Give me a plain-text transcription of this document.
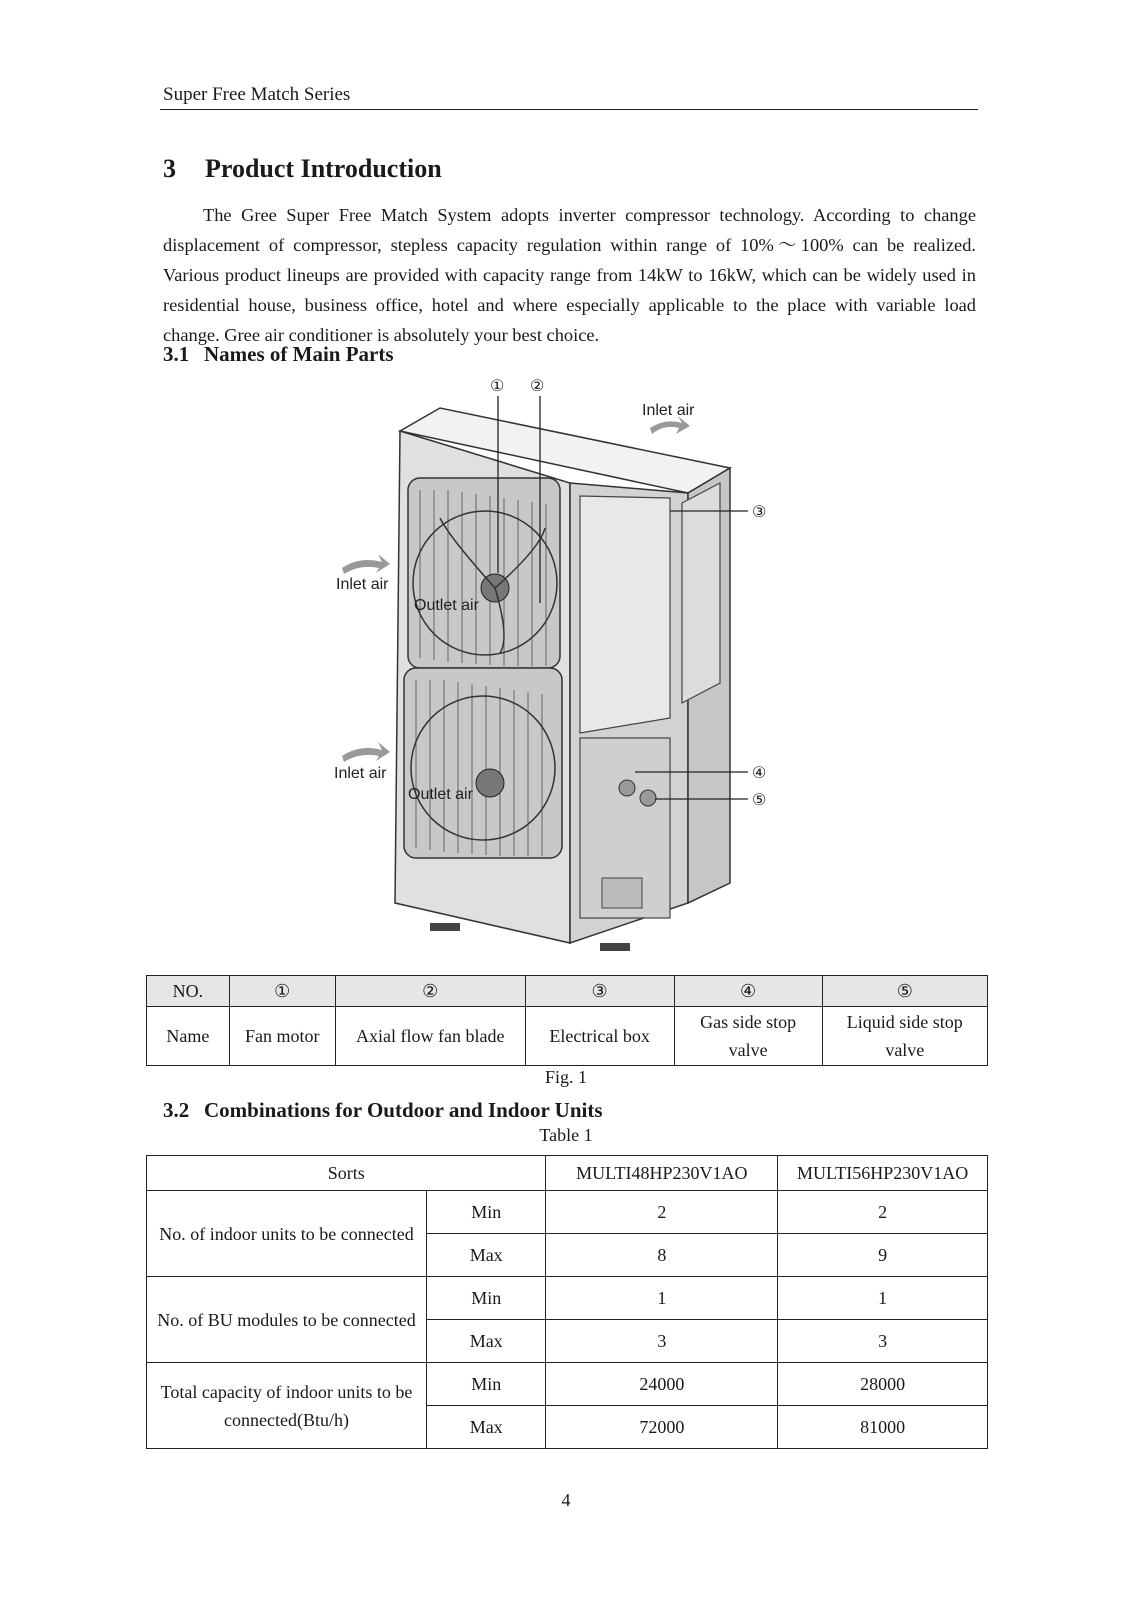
Super Free Match Series
3 Product Introduction
The Gree Super Free Match System adopts inverter compressor technology. According to change displacement of compressor, stepless capacity regulation within range of 10%～100% can be realized. Various product lineups are provided with capacity range from 14kW to 16kW, which can be widely used in residential house, business office, hotel and where especially applicable to the place with variable load change. Gree air conditioner is absolutely your best choice.
3.1 Names of Main Parts
① ②
③
④
⑤
Inlet air
Inlet air
Outlet air
Inlet air
Outlet air
NO.	①	②	③	④	⑤
Name	Fan motor	Axial flow fan blade	Electrical box	Gas side stop valve	Liquid side stop valve
Fig. 1
3.2 Combinations for Outdoor and Indoor Units
Table 1
Sorts		MULTI48HP230V1AO	MULTI56HP230V1AO
No. of indoor units to be connected	Min	2	2
	Max	8	9
No. of BU modules to be connected	Min	1	1
	Max	3	3
Total capacity of indoor units to be connected(Btu/h)	Min	24000	28000
	Max	72000	81000
4
